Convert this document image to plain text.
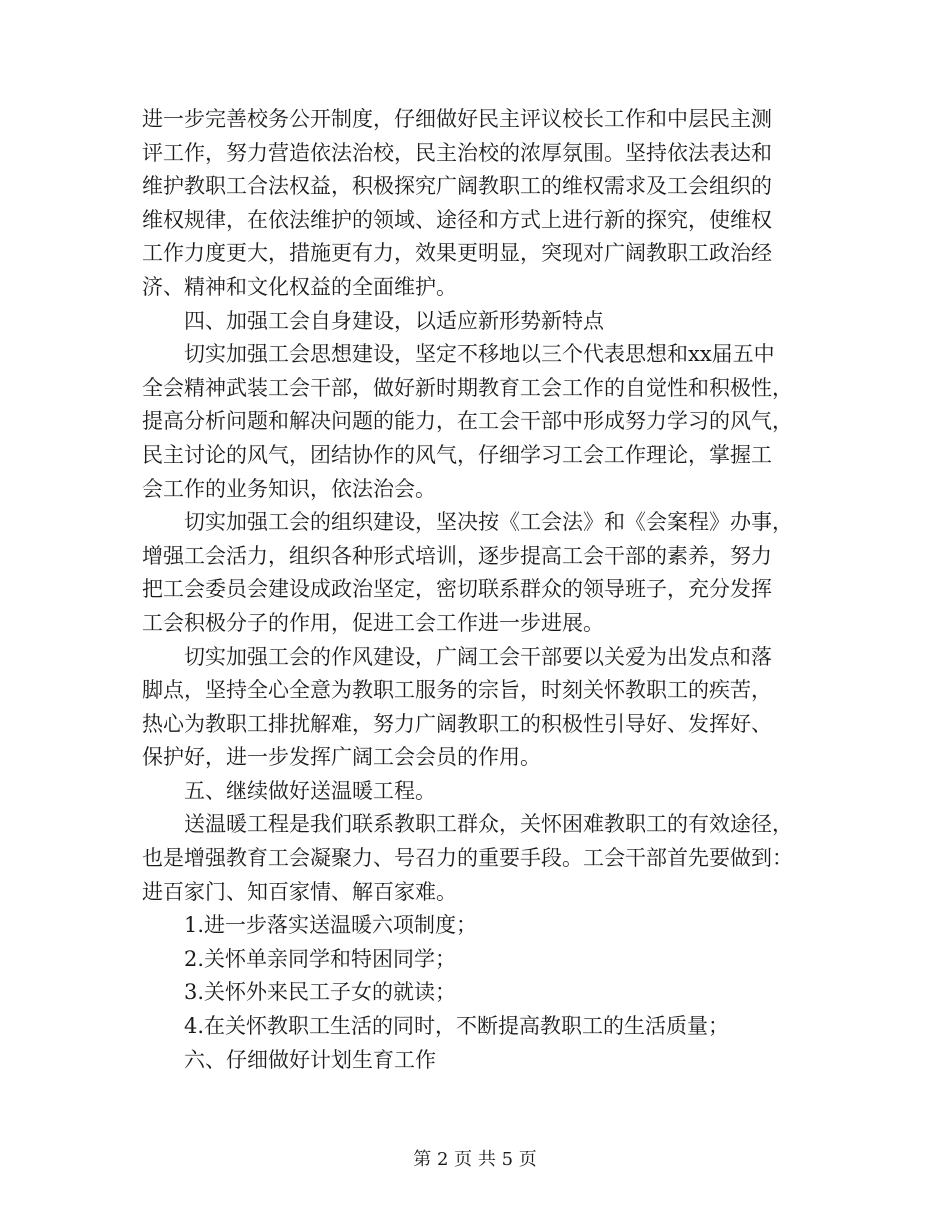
进一步完善校务公开制度，仔细做好民主评议校长工作和中层民主测
评工作，努力营造依法治校，民主治校的浓厚氛围。坚持依法表达和
维护教职工合法权益，积极探究广阔教职工的维权需求及工会组织的
维权规律，在依法维护的领域、途径和方式上进行新的探究，使维权
工作力度更大，措施更有力，效果更明显，突现对广阔教职工政治经
济、精神和文化权益的全面维护。
四、加强工会自身建设，以适应新形势新特点
切实加强工会思想建设，坚定不移地以三个代表思想和xx届五中
全会精神武装工会干部，做好新时期教育工会工作的自觉性和积极性，
提高分析问题和解决问题的能力，在工会干部中形成努力学习的风气，
民主讨论的风气，团结协作的风气，仔细学习工会工作理论，掌握工
会工作的业务知识，依法治会。
切实加强工会的组织建设，坚决按《工会法》和《会案程》办事，
增强工会活力，组织各种形式培训，逐步提高工会干部的素养，努力
把工会委员会建设成政治坚定，密切联系群众的领导班子，充分发挥
工会积极分子的作用，促进工会工作进一步进展。
切实加强工会的作风建设，广阔工会干部要以关爱为出发点和落
脚点，坚持全心全意为教职工服务的宗旨，时刻关怀教职工的疾苦，
热心为教职工排扰解难，努力广阔教职工的积极性引导好、发挥好、
保护好，进一步发挥广阔工会会员的作用。
五、继续做好送温暖工程。
送温暖工程是我们联系教职工群众，关怀困难教职工的有效途径，
也是增强教育工会凝聚力、号召力的重要手段。工会干部首先要做到：
进百家门、知百家情、解百家难。
1.进一步落实送温暖六项制度；
2.关怀单亲同学和特困同学；
3.关怀外来民工子女的就读；
4.在关怀教职工生活的同时，不断提高教职工的生活质量；
六、仔细做好计划生育工作
第 2 页 共 5 页
